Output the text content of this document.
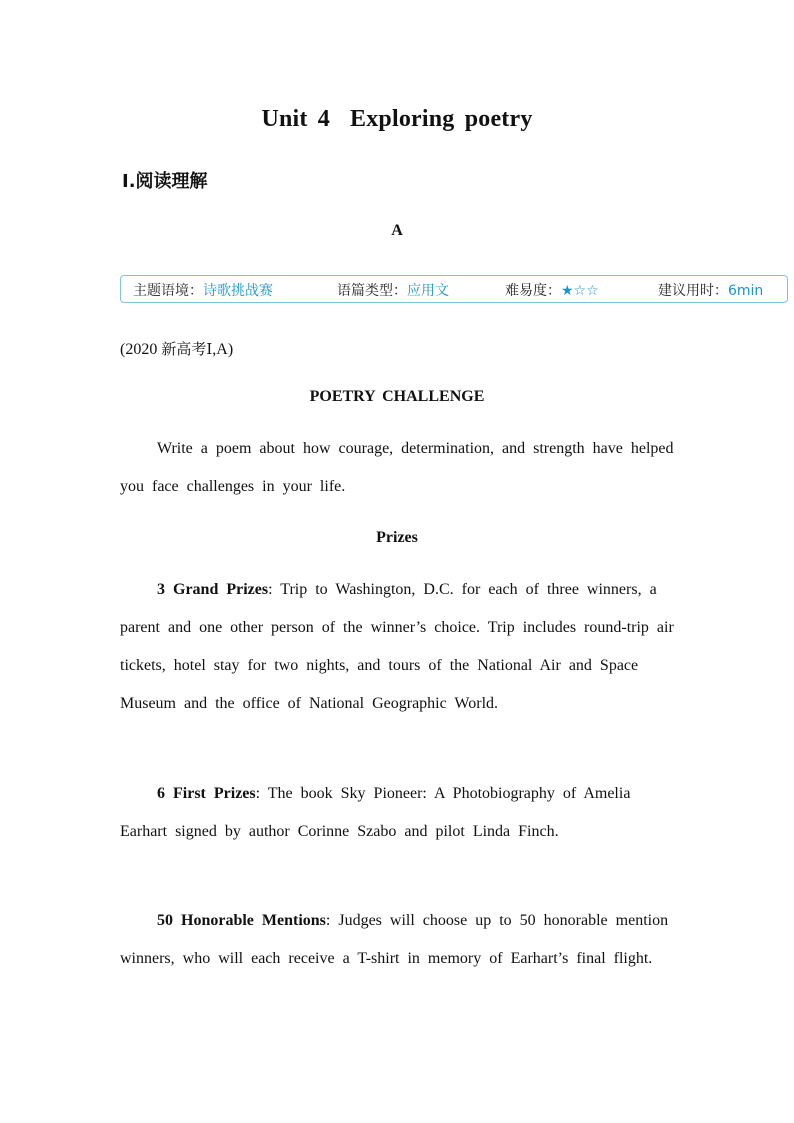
Unit 4 Exploring poetry
Ⅰ.阅读理解
A
主题语境：诗歌挑战赛	语篇类型：应用文	难易度：★☆☆	建议用时：6min
(2020 新高考Ⅰ,A)
POETRY CHALLENGE
Write a poem about how courage, determination, and strength have helped you face challenges in your life.
Prizes
3 Grand Prizes: Trip to Washington, D.C. for each of three winners, a parent and one other person of the winner’s choice. Trip includes round-trip air tickets, hotel stay for two nights, and tours of the National Air and Space Museum and the office of National Geographic World.
6 First Prizes: The book Sky Pioneer: A Photobiography of Amelia Earhart signed by author Corinne Szabo and pilot Linda Finch.
50 Honorable Mentions: Judges will choose up to 50 honorable mention winners, who will each receive a T-shirt in memory of Earhart’s final flight.
